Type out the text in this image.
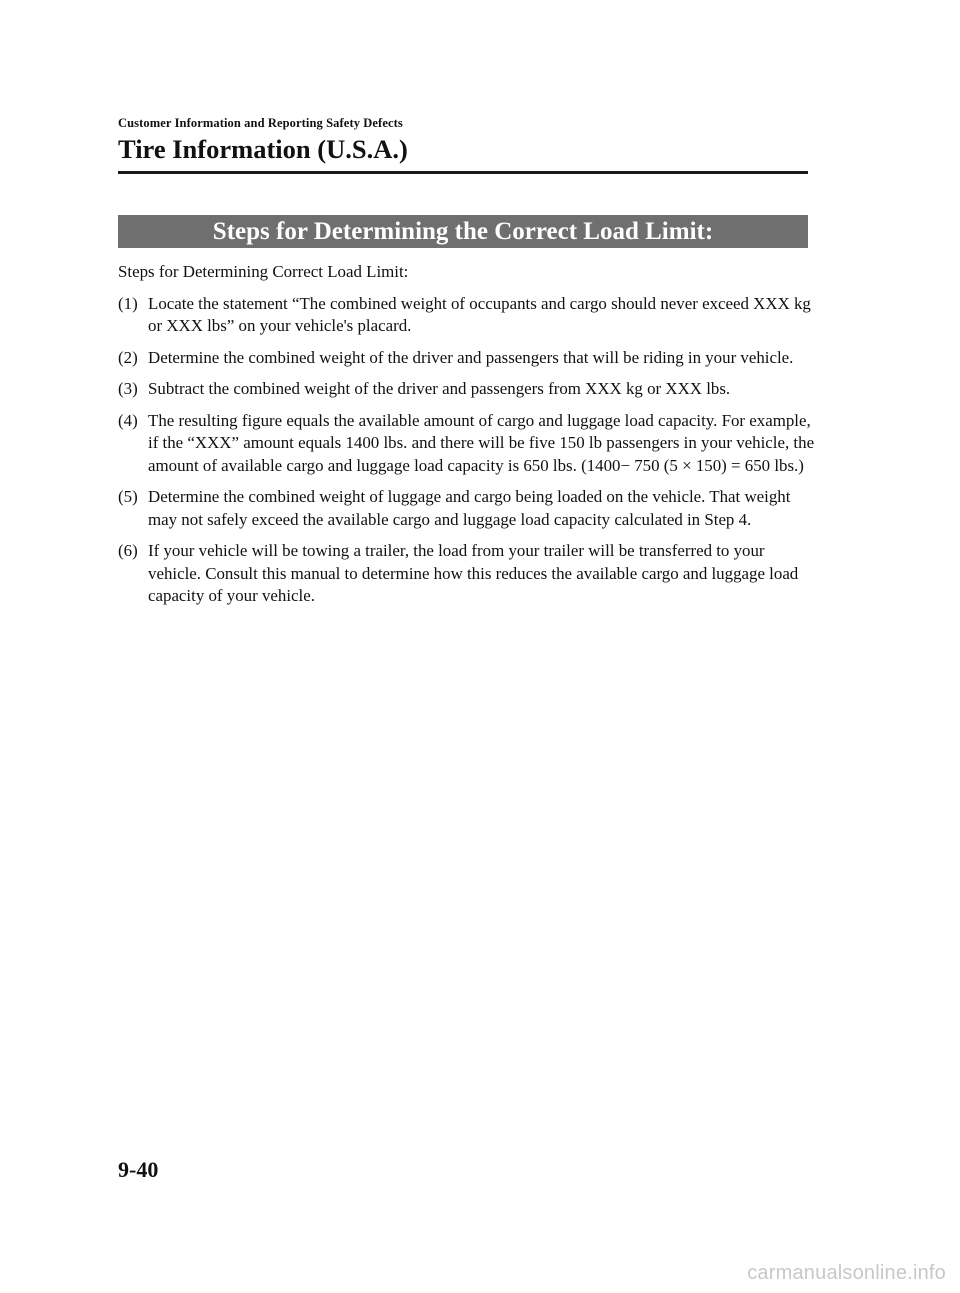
Customer Information and Reporting Safety Defects
Tire Information (U.S.A.)
Steps for Determining the Correct Load Limit:

Steps for Determining Correct Load Limit:

(1) Locate the statement “The combined weight of occupants and cargo should never exceed XXX kg or XXX lbs” on your vehicle's placard.
(2) Determine the combined weight of the driver and passengers that will be riding in your vehicle.
(3) Subtract the combined weight of the driver and passengers from XXX kg or XXX lbs.
(4) The resulting figure equals the available amount of cargo and luggage load capacity. For example, if the “XXX” amount equals 1400 lbs. and there will be five 150 lb passengers in your vehicle, the amount of available cargo and luggage load capacity is 650 lbs. (1400− 750 (5 × 150) = 650 lbs.)
(5) Determine the combined weight of luggage and cargo being loaded on the vehicle. That weight may not safely exceed the available cargo and luggage load capacity calculated in Step 4.
(6) If your vehicle will be towing a trailer, the load from your trailer will be transferred to your vehicle. Consult this manual to determine how this reduces the available cargo and luggage load capacity of your vehicle.
9-40
carmanualsonline.info
